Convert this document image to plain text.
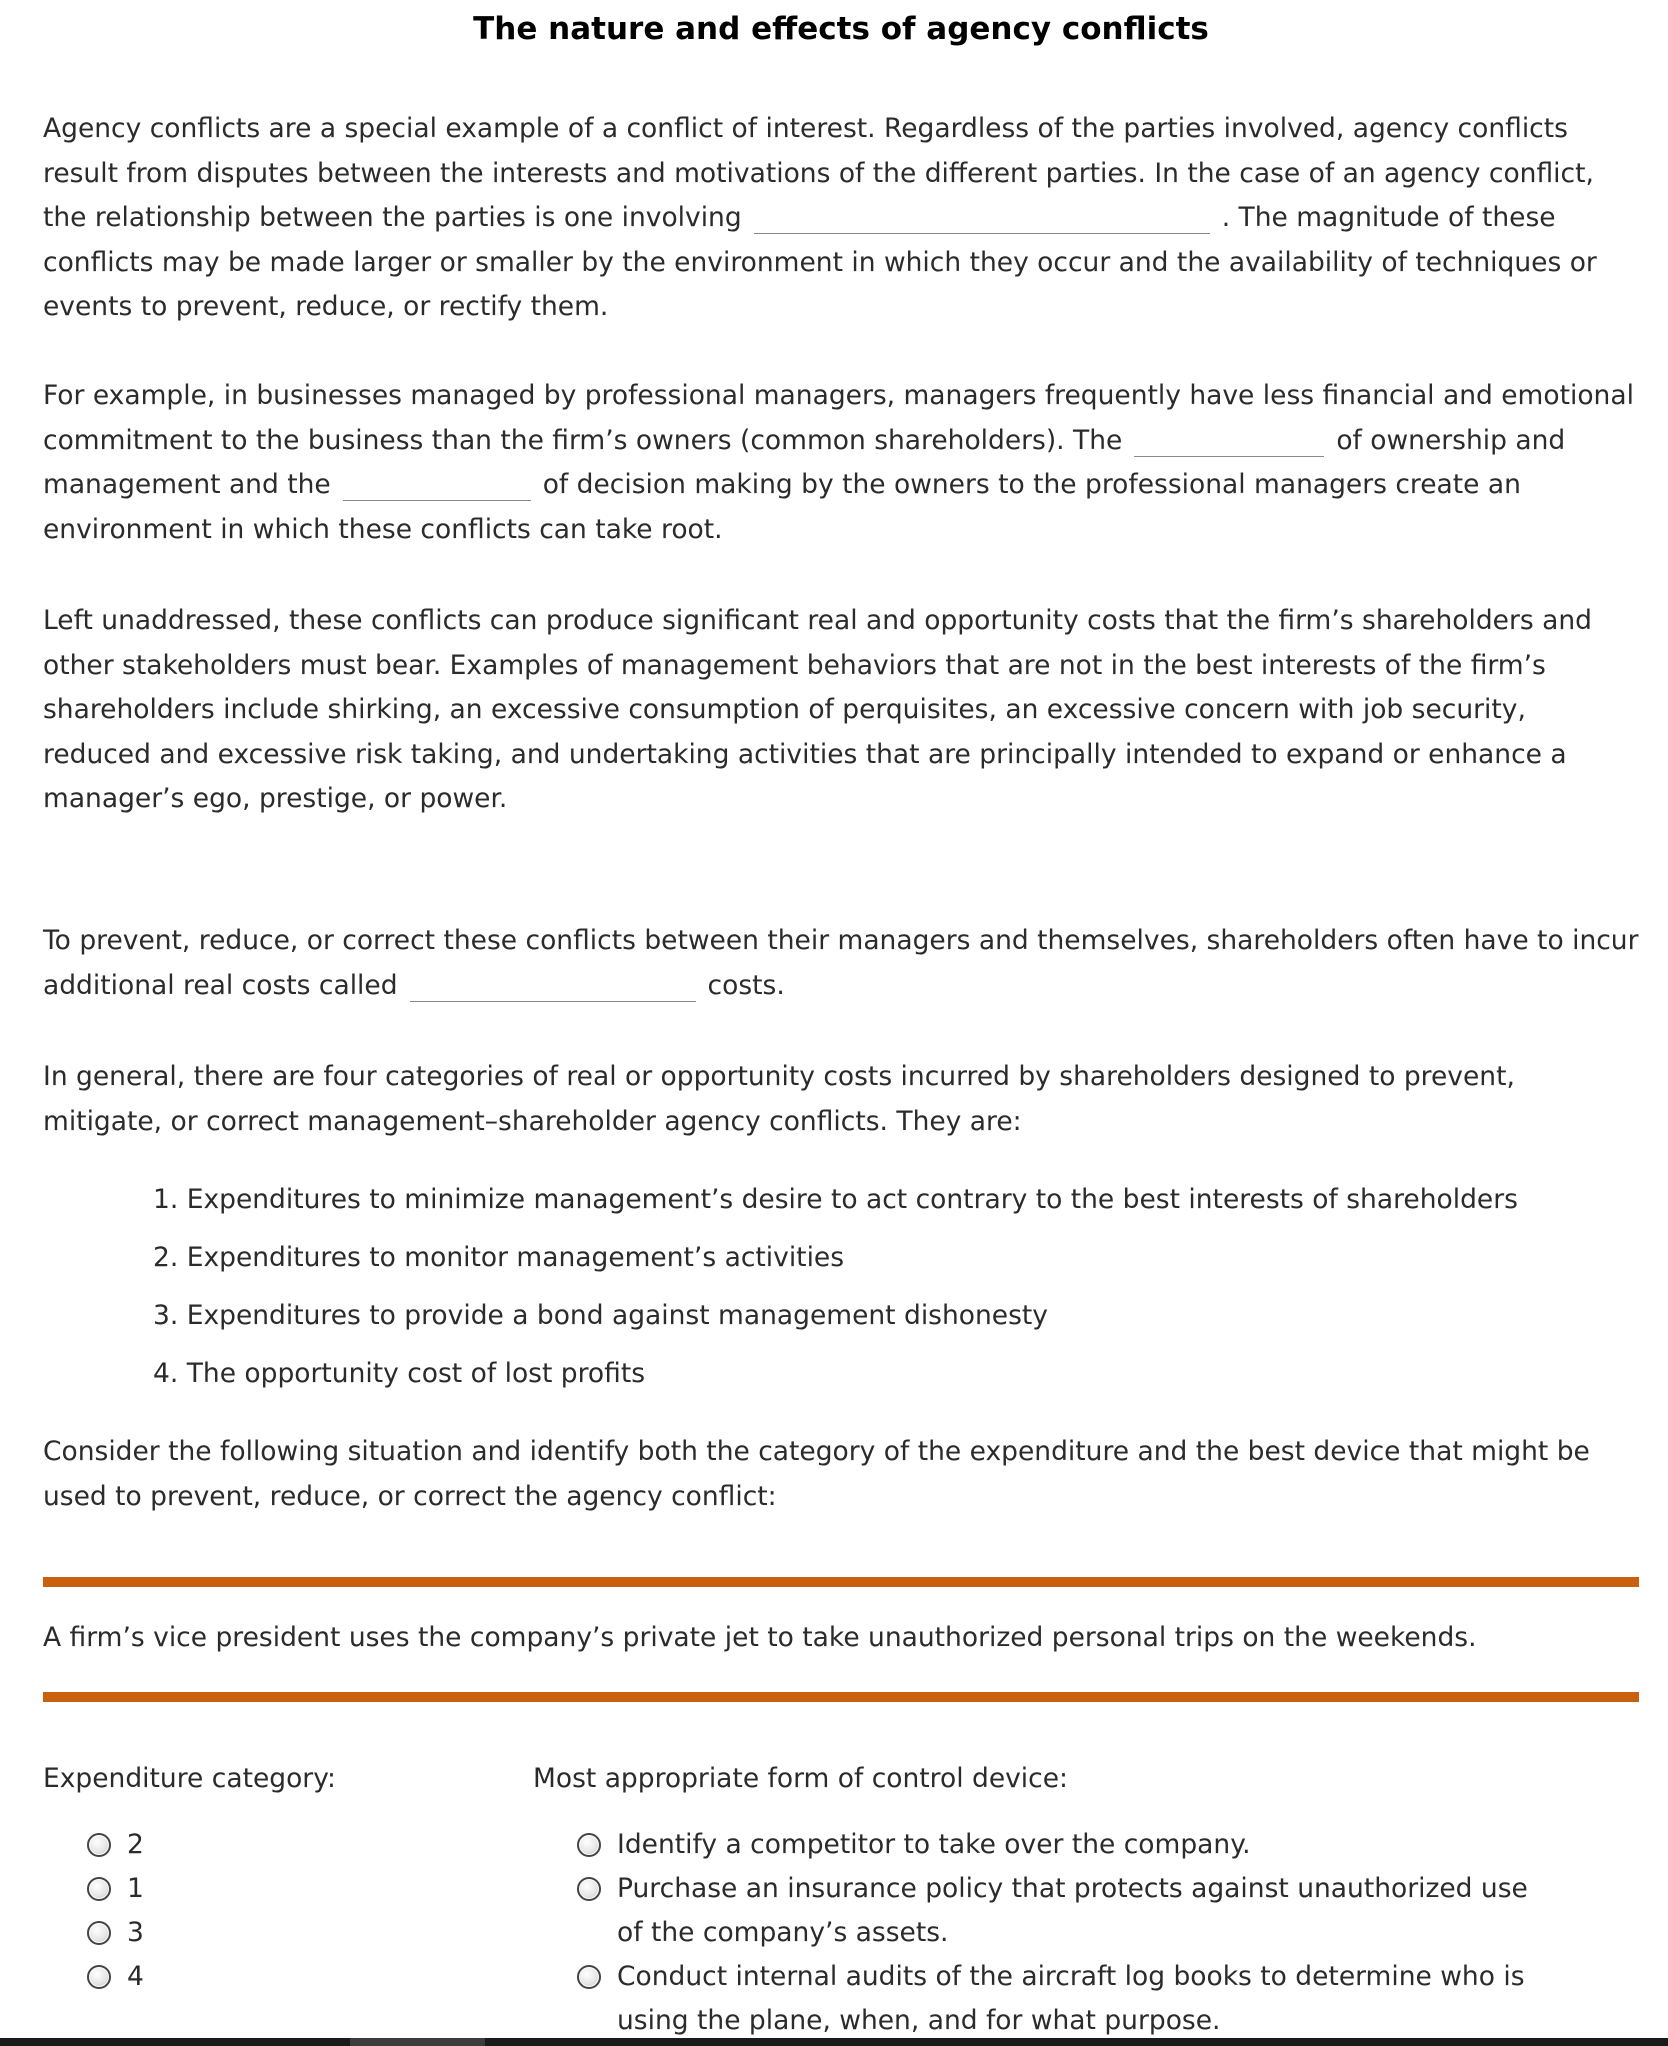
The nature and effects of agency conflicts

Agency conflicts are a special example of a conflict of interest. Regardless of the parties involved, agency conflicts result from disputes between the interests and motivations of the different parties. In the case of an agency conflict, the relationship between the parties is one involving	. The magnitude of these conflicts may be made larger or smaller by the environment in which they occur and the availability of techniques or events to prevent, reduce, or rectify them.

For example, in businesses managed by professional managers, managers frequently have less financial and emotional commitment to the business than the firm’s owners (common shareholders). The	of ownership and management and the	of decision making by the owners to the professional managers create an environment in which these conflicts can take root.

Left unaddressed, these conflicts can produce significant real and opportunity costs that the firm’s shareholders and other stakeholders must bear. Examples of management behaviors that are not in the best interests of the firm’s shareholders include shirking, an excessive consumption of perquisites, an excessive concern with job security, reduced and excessive risk taking, and undertaking activities that are principally intended to expand or enhance a manager’s ego, prestige, or power.

To prevent, reduce, or correct these conflicts between their managers and themselves, shareholders often have to incur additional real costs called	costs.

In general, there are four categories of real or opportunity costs incurred by shareholders designed to prevent, mitigate, or correct management–shareholder agency conflicts. They are:

1. Expenditures to minimize management’s desire to act contrary to the best interests of shareholders
2. Expenditures to monitor management’s activities
3. Expenditures to provide a bond against management dishonesty
4. The opportunity cost of lost profits

Consider the following situation and identify both the category of the expenditure and the best device that might be used to prevent, reduce, or correct the agency conflict:

A firm’s vice president uses the company’s private jet to take unauthorized personal trips on the weekends.

Expenditure category:	Most appropriate form of control device:
2
1
3
4
Identify a competitor to take over the company.
Purchase an insurance policy that protects against unauthorized use of the company’s assets.
Conduct internal audits of the aircraft log books to determine who is using the plane, when, and for what purpose.
